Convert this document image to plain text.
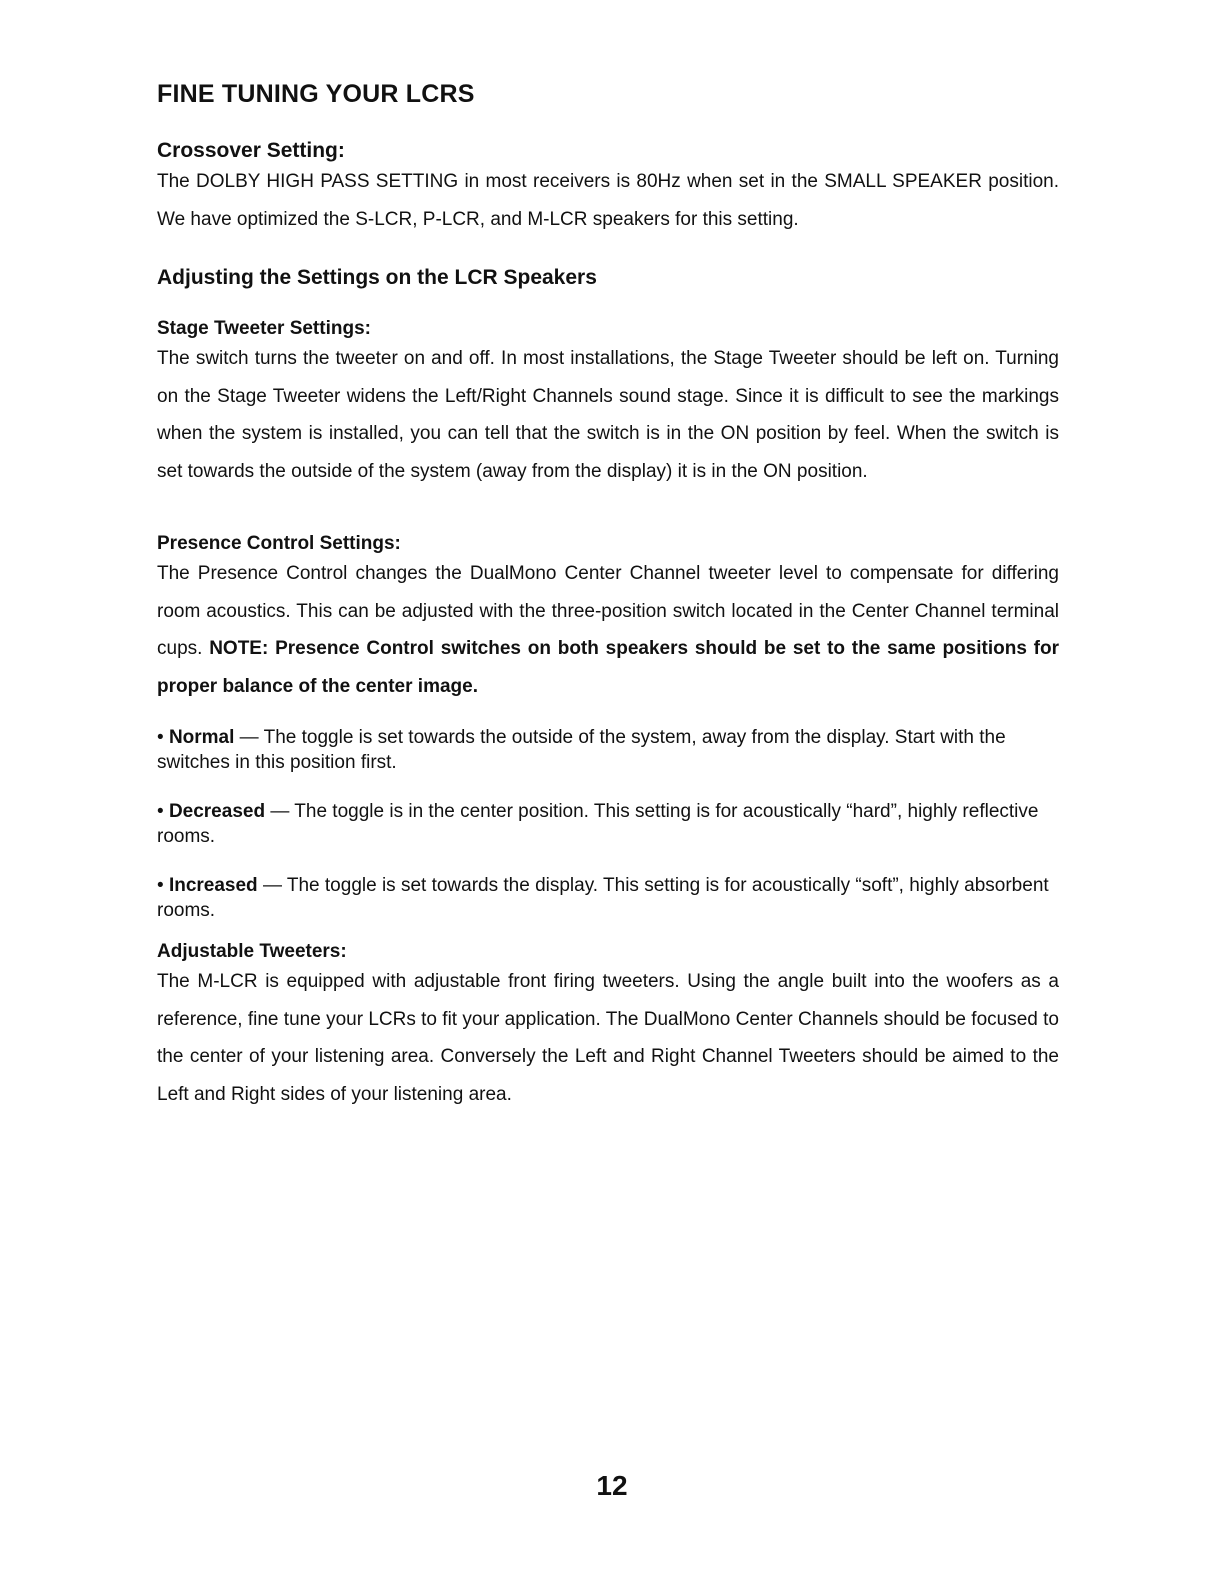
FINE TUNING YOUR LCRS
Crossover Setting:

The DOLBY HIGH PASS SETTING in most receivers is 80Hz when set in the SMALL SPEAKER position. We have optimized the S-LCR, P-LCR, and M-LCR speakers for this setting.

Adjusting the Settings on the LCR Speakers
Stage Tweeter Settings:

The switch turns the tweeter on and off. In most installations, the Stage Tweeter should be left on. Turning on the Stage Tweeter widens the Left/Right Channels sound stage. Since it is difficult to see the markings when the system is installed, you can tell that the switch is in the ON position by feel. When the switch is set towards the outside of the system (away from the display) it is in the ON position.

Presence Control Settings:

The Presence Control changes the DualMono Center Channel tweeter level to compensate for differing room acoustics. This can be adjusted with the three-position switch located in the Center Channel terminal cups. NOTE: Presence Control switches on both speakers should be set to the same positions for proper balance of the center image.

• Normal — The toggle is set towards the outside of the system, away from the display. Start with the switches in this position first.
• Decreased — The toggle is in the center position. This setting is for acoustically “hard”, highly reflective rooms.
• Increased — The toggle is set towards the display. This setting is for acoustically “soft”, highly absorbent rooms.
Adjustable Tweeters:

The M-LCR is equipped with adjustable front firing tweeters. Using the angle built into the woofers as a reference, fine tune your LCRs to fit your application. The DualMono Center Channels should be focused to the center of your listening area. Conversely the Left and Right Channel Tweeters should be aimed to the Left and Right sides of your listening area.

12
